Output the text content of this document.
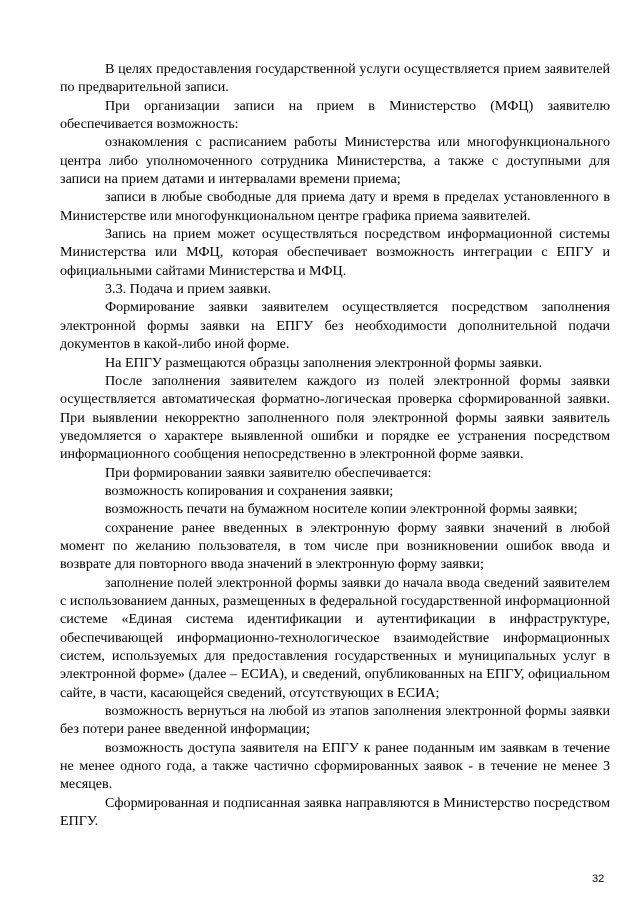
В целях предоставления государственной услуги осуществляется прием заявителей по предварительной записи.

При организации записи на прием в Министерство (МФЦ) заявителю обеспечивается возможность:

ознакомления с расписанием работы Министерства или многофункционального центра либо уполномоченного сотрудника Министерства, а также с доступными для записи на прием датами и интервалами времени приема;

записи в любые свободные для приема дату и время в пределах установленного в Министерстве или многофункциональном центре графика приема заявителей.

Запись на прием может осуществляться посредством информационной системы Министерства или МФЦ, которая обеспечивает возможность интеграции с ЕПГУ и официальными сайтами Министерства и МФЦ.

3.3. Подача и прием заявки.

Формирование заявки заявителем осуществляется посредством заполнения электронной формы заявки на ЕПГУ без необходимости дополнительной подачи документов в какой-либо иной форме.

На ЕПГУ размещаются образцы заполнения электронной формы заявки.

После заполнения заявителем каждого из полей электронной формы заявки осуществляется автоматическая форматно-логическая проверка сформированной заявки. При выявлении некорректно заполненного поля электронной формы заявки заявитель уведомляется о характере выявленной ошибки и порядке ее устранения посредством информационного сообщения непосредственно в электронной форме заявки.

При формировании заявки заявителю обеспечивается:

возможность копирования и сохранения заявки;

возможность печати на бумажном носителе копии электронной формы заявки;

сохранение ранее введенных в электронную форму заявки значений в любой момент по желанию пользователя, в том числе при возникновении ошибок ввода и возврате для повторного ввода значений в электронную форму заявки;

заполнение полей электронной формы заявки до начала ввода сведений заявителем с использованием данных, размещенных в федеральной государственной информационной системе «Единая система идентификации и аутентификации в инфраструктуре, обеспечивающей информационно-технологическое взаимодействие информационных систем, используемых для предоставления государственных и муниципальных услуг в электронной форме» (далее – ЕСИА), и сведений, опубликованных на ЕПГУ, официальном сайте, в части, касающейся сведений, отсутствующих в ЕСИА;

возможность вернуться на любой из этапов заполнения электронной формы заявки без потери ранее введенной информации;

возможность доступа заявителя на ЕПГУ к ранее поданным им заявкам в течение не менее одного года, а также частично сформированных заявок - в течение не менее 3 месяцев.

Сформированная и подписанная заявка направляются в Министерство посредством ЕПГУ.

32
